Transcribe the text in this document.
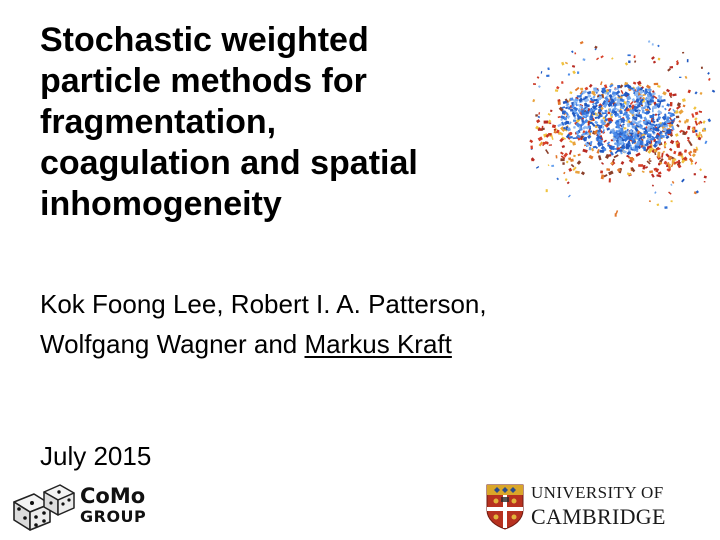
Stochastic weighted
particle methods for
fragmentation,
coagulation and spatial
inhomogeneity
Kok Foong Lee, Robert I. A. Patterson,
Wolfgang Wagner and Markus Kraft
July 2015
CoMo
GROUP
UNIVERSITY OF
CAMBRIDGE
